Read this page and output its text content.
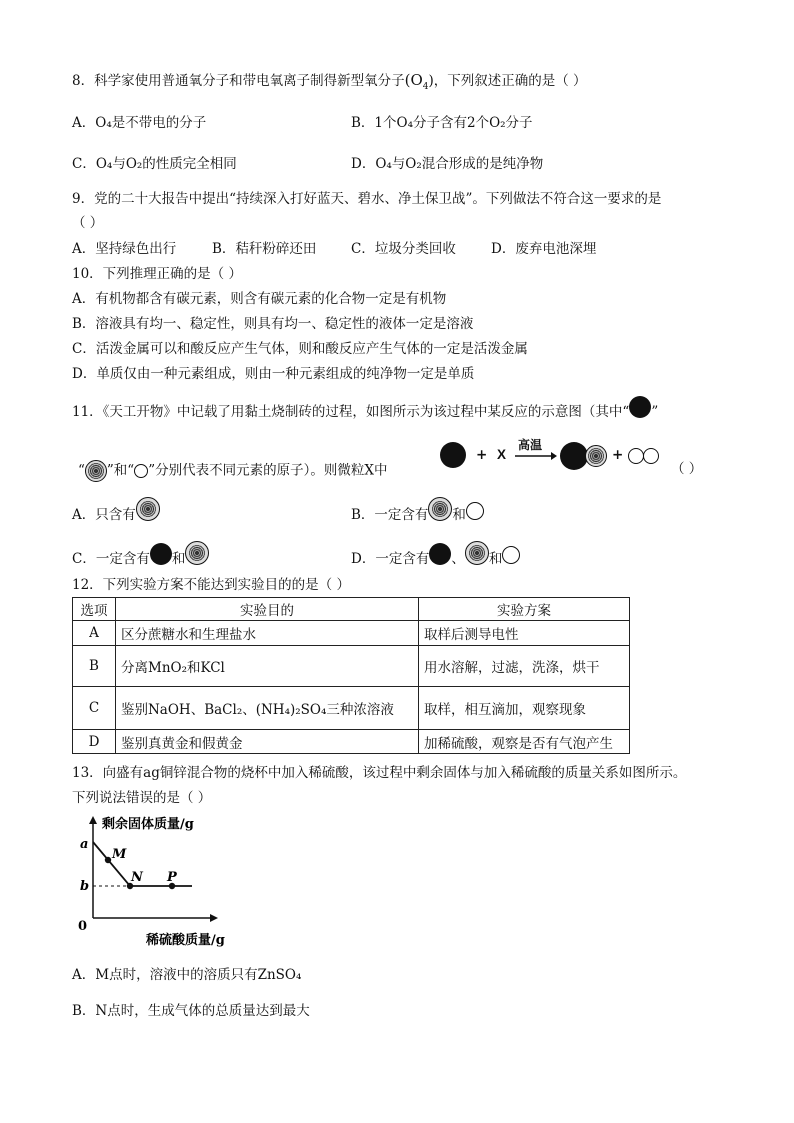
8．科学家使用普通氧分子和带电氧离子制得新型氧分子$(O_4)$，下列叙述正确的是（ ）
A．O₄是不带电的分子	B．1个O₄分子含有2个O₂分子
C．O₄与O₂的性质完全相同	D．O₄与O₂混合形成的是纯净物
9．党的二十大报告中提出“持续深入打好蓝天、碧水、净土保卫战”。下列做法不符合这一要求的是
（ ）
A．坚持绿色出行	B．秸秆粉碎还田	C．垃圾分类回收	D．废弃电池深埋
10．下列推理正确的是（ ）
A．有机物都含有碳元素，则含有碳元素的化合物一定是有机物
B．溶液具有均一、稳定性，则具有均一、稳定性的液体一定是溶液
C．活泼金属可以和酸反应产生气体，则和酸反应产生气体的一定是活泼金属
D．单质仅由一种元素组成，则由一种元素组成的纯净物一定是单质
11．《天工开物》中记载了用黏土烧制砖的过程，如图所示为该过程中某反应的示意图（其中“ ”
“ ”和“ ”分别代表不同元素的原子）。则微粒X中
+ X
高温
+
（ ）
A．只含有	B．一定含有 和
C．一定含有 和	D．一定含有 、 和
12．下列实验方案不能达到实验目的的是（ ）
选项	实验目的	实验方案
A	区分蔗糖水和生理盐水	取样后测导电性
B	分离MnO₂和KCl	用水溶解，过滤，洗涤，烘干
C	鉴别NaOH、BaCl₂、(NH₄)₂SO₄三种浓溶液	取样，相互滴加，观察现象
D	鉴别真黄金和假黄金	加稀硫酸，观察是否有气泡产生
13．向盛有ag铜锌混合物的烧杯中加入稀硫酸，该过程中剩余固体与加入稀硫酸的质量关系如图所示。
下列说法错误的是（ ）
剩余固体质量/g
稀硫酸质量/g
0
a
b
M
N P
A．M点时，溶液中的溶质只有ZnSO₄
B．N点时，生成气体的总质量达到最大
